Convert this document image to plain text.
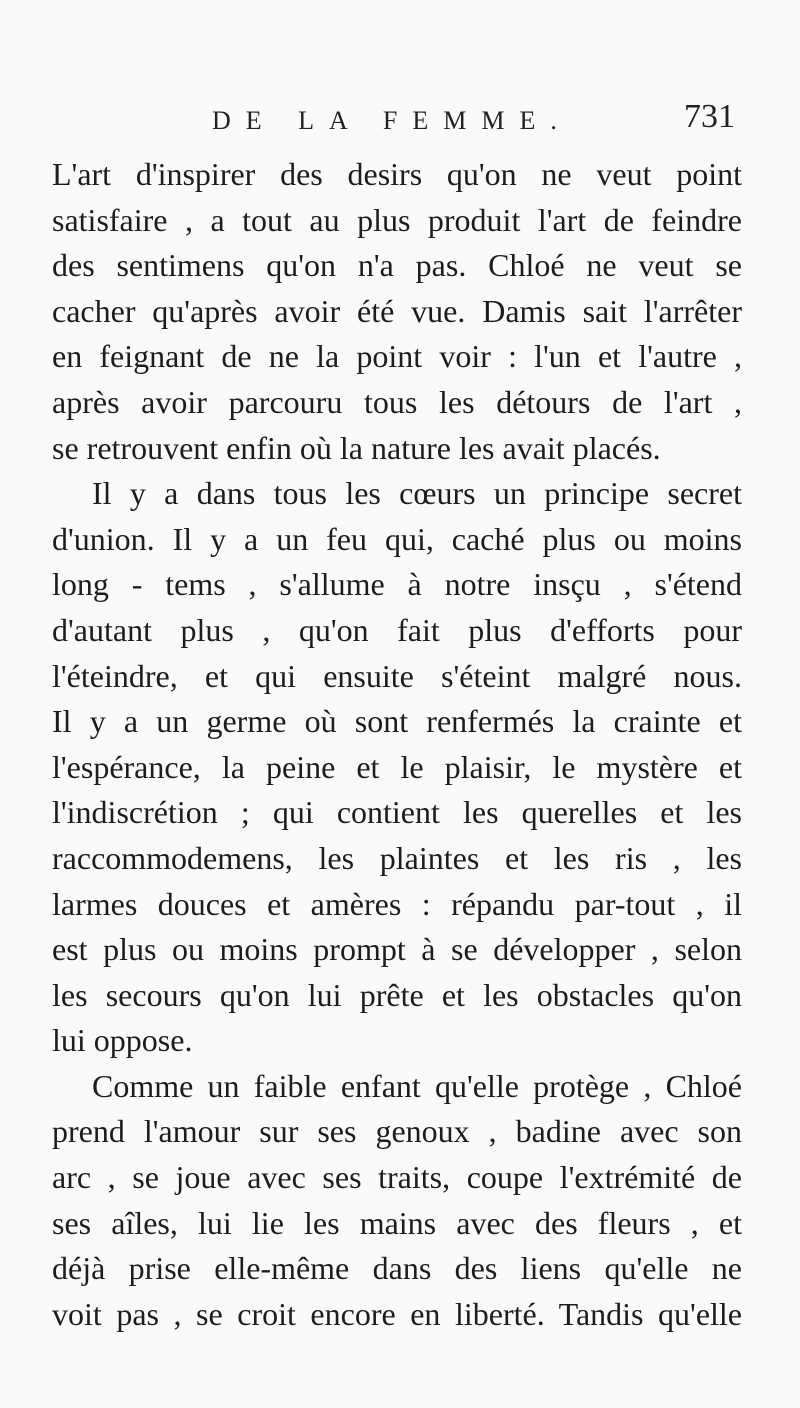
DE LA FEMME.	731
L'art d'inspirer des desirs qu'on ne veut point
satisfaire , a tout au plus produit l'art de feindre
des sentimens qu'on n'a pas. Chloé ne veut se
cacher qu'après avoir été vue. Damis sait l'arrêter
en feignant de ne la point voir : l'un et l'autre ,
après avoir parcouru tous les détours de l'art ,
se retrouvent enfin où la nature les avait placés.
Il y a dans tous les cœurs un principe secret
d'union. Il y a un feu qui, caché plus ou moins
long - tems , s'allume à notre insçu , s'étend
d'autant plus , qu'on fait plus d'efforts pour
l'éteindre, et qui ensuite s'éteint malgré nous.
Il y a un germe où sont renfermés la crainte et
l'espérance, la peine et le plaisir, le mystère et
l'indiscrétion ; qui contient les querelles et les
raccommodemens, les plaintes et les ris , les
larmes douces et amères : répandu par-tout , il
est plus ou moins prompt à se développer , selon
les secours qu'on lui prête et les obstacles qu'on
lui oppose.
Comme un faible enfant qu'elle protège , Chloé
prend l'amour sur ses genoux , badine avec son
arc , se joue avec ses traits, coupe l'extrémité de
ses aîles, lui lie les mains avec des fleurs , et
déjà prise elle-même dans des liens qu'elle ne
voit pas , se croit encore en liberté. Tandis qu'elle
